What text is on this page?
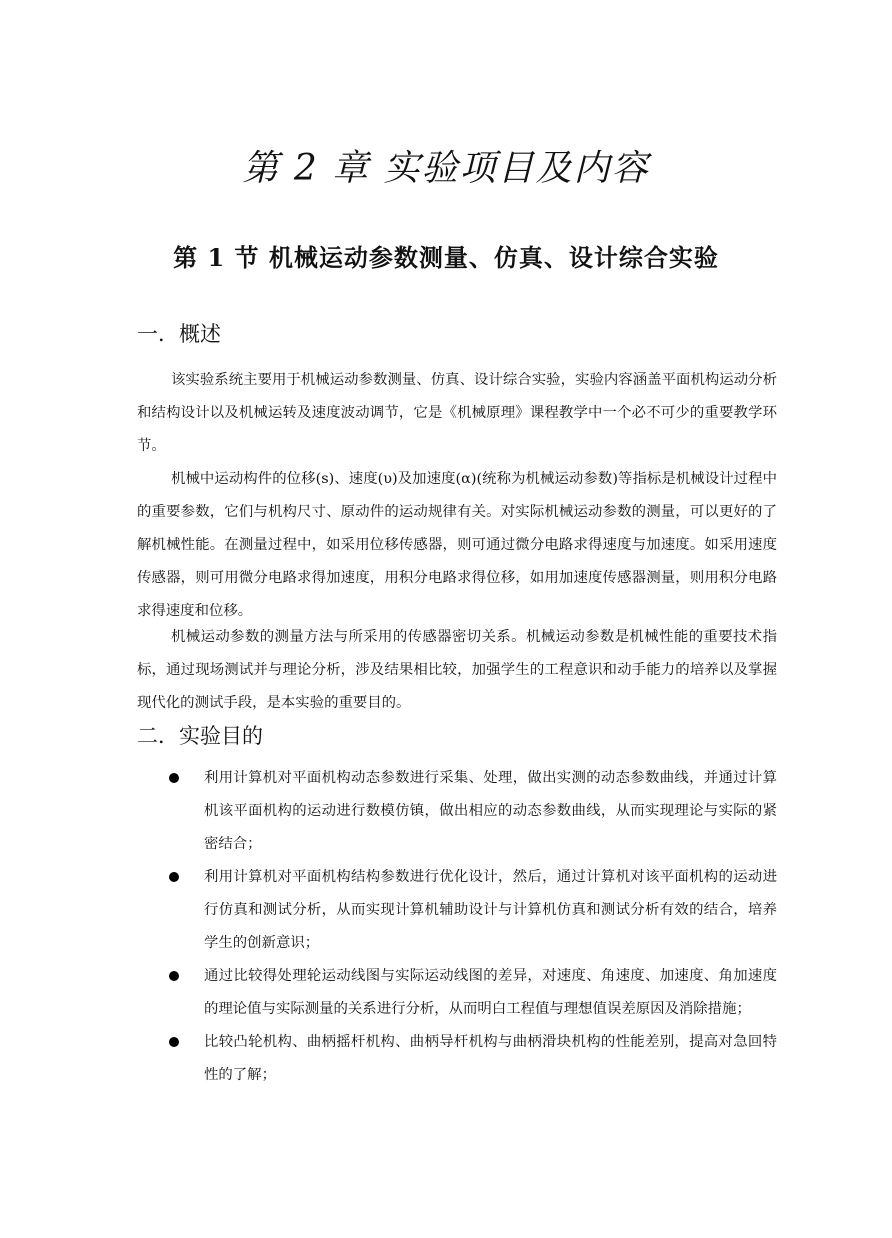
第 2 章 实验项目及内容
第 1 节 机械运动参数测量、仿真、设计综合实验
一．概述
该实验系统主要用于机械运动参数测量、仿真、设计综合实验，实验内容涵盖平面机构运动分析和结构设计以及机械运转及速度波动调节，它是《机械原理》课程教学中一个必不可少的重要教学环节。
机械中运动构件的位移(s)、速度(υ)及加速度(α)(统称为机械运动参数)等指标是机械设计过程中的重要参数，它们与机构尺寸、原动件的运动规律有关。对实际机械运动参数的测量，可以更好的了解机械性能。在测量过程中，如采用位移传感器，则可通过微分电路求得速度与加速度。如采用速度传感器，则可用微分电路求得加速度，用积分电路求得位移，如用加速度传感器测量，则用积分电路求得速度和位移。
机械运动参数的测量方法与所采用的传感器密切关系。机械运动参数是机械性能的重要技术指标，通过现场测试并与理论分析，涉及结果相比较，加强学生的工程意识和动手能力的培养以及掌握现代化的测试手段，是本实验的重要目的。
二．实验目的
利用计算机对平面机构动态参数进行采集、处理，做出实测的动态参数曲线，并通过计算机该平面机构的运动进行数模仿镇，做出相应的动态参数曲线，从而实现理论与实际的紧密结合；
利用计算机对平面机构结构参数进行优化设计，然后，通过计算机对该平面机构的运动进行仿真和测试分析，从而实现计算机辅助设计与计算机仿真和测试分析有效的结合，培养学生的创新意识；
通过比较得处理轮运动线图与实际运动线图的差异，对速度、角速度、加速度、角加速度的理论值与实际测量的关系进行分析，从而明白工程值与理想值误差原因及消除措施；
比较凸轮机构、曲柄摇杆机构、曲柄导杆机构与曲柄滑块机构的性能差别，提高对急回特性的了解；
